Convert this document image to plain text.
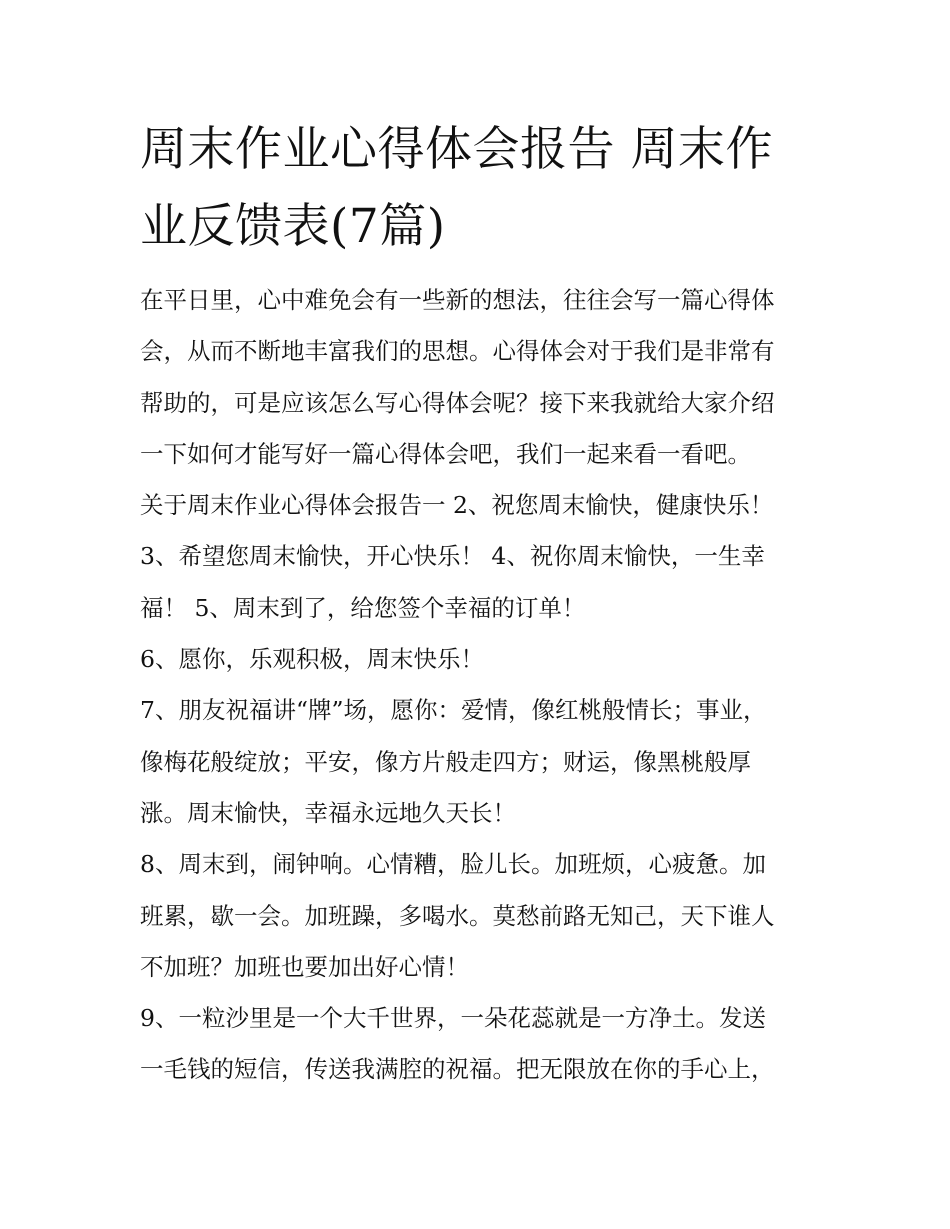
周末作业心得体会报告 周末作
业反馈表(7篇)
在平日里，心中难免会有一些新的想法，往往会写一篇心得体
会，从而不断地丰富我们的思想。心得体会对于我们是非常有
帮助的，可是应该怎么写心得体会呢？接下来我就给大家介绍
一下如何才能写好一篇心得体会吧，我们一起来看一看吧。
关于周末作业心得体会报告一 2、祝您周末愉快，健康快乐！
3、希望您周末愉快，开心快乐！ 4、祝你周末愉快，一生幸
福！ 5、周末到了，给您签个幸福的订单！
6、愿你，乐观积极，周末快乐！
7、朋友祝福讲“牌”场，愿你：爱情，像红桃般情长；事业，
像梅花般绽放；平安，像方片般走四方；财运，像黑桃般厚
涨。周末愉快，幸福永远地久天长！
8、周末到，闹钟响。心情糟，脸儿长。加班烦，心疲惫。加
班累，歇一会。加班躁，多喝水。莫愁前路无知己，天下谁人
不加班？加班也要加出好心情！
9、一粒沙里是一个大千世界，一朵花蕊就是一方净土。发送
一毛钱的短信，传送我满腔的祝福。把无限放在你的手心上，
